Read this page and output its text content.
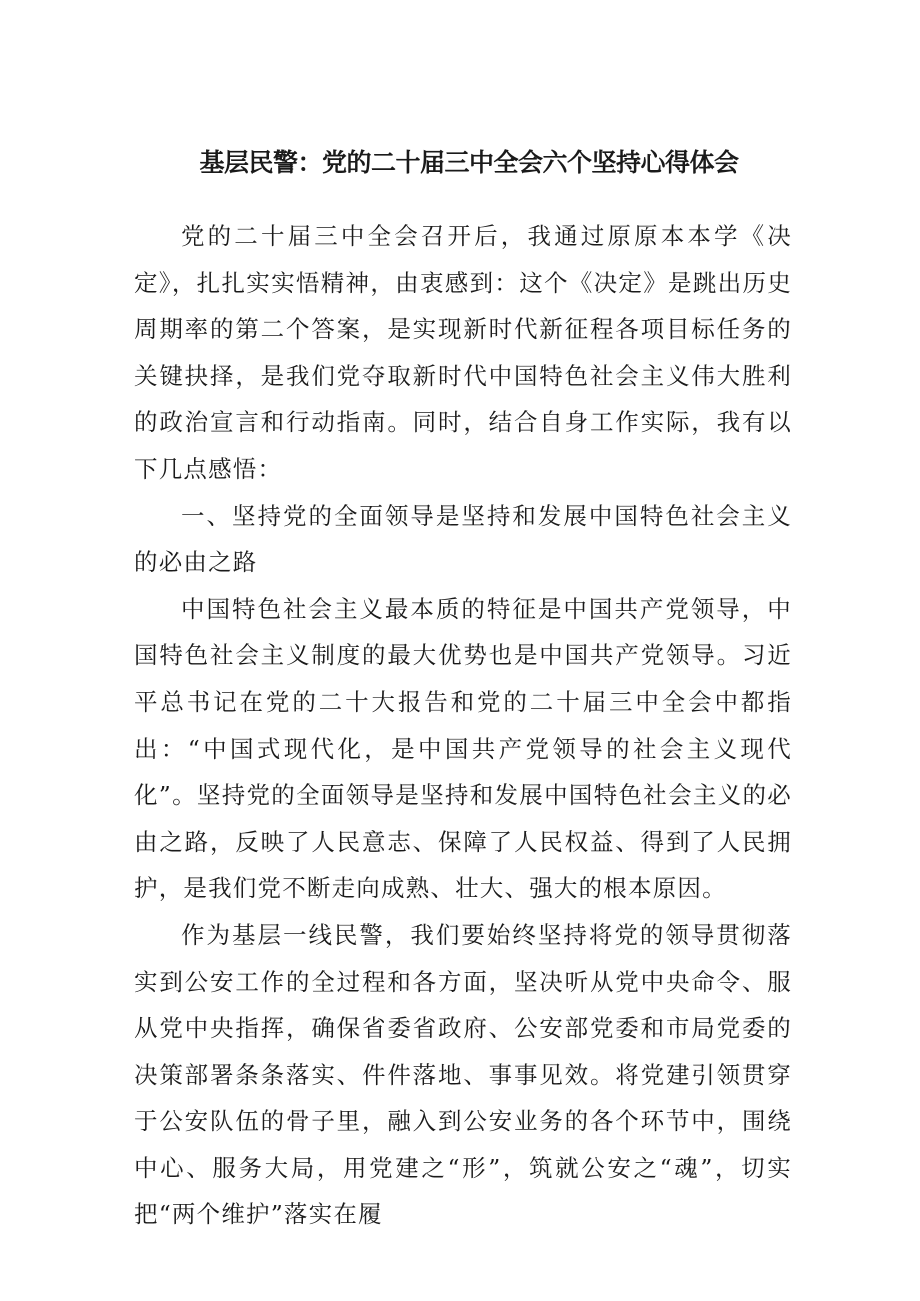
基层民警：党的二十届三中全会六个坚持心得体会

党的二十届三中全会召开后，我通过原原本本学《决定》，扎扎实实悟精神，由衷感到：这个《决定》是跳出历史周期率的第二个答案，是实现新时代新征程各项目标任务的关键抉择，是我们党夺取新时代中国特色社会主义伟大胜利的政治宣言和行动指南。同时，结合自身工作实际，我有以下几点感悟：

一、坚持党的全面领导是坚持和发展中国特色社会主义的必由之路

中国特色社会主义最本质的特征是中国共产党领导，中国特色社会主义制度的最大优势也是中国共产党领导。习近平总书记在党的二十大报告和党的二十届三中全会中都指出：“中国式现代化，是中国共产党领导的社会主义现代化”。坚持党的全面领导是坚持和发展中国特色社会主义的必由之路，反映了人民意志、保障了人民权益、得到了人民拥护，是我们党不断走向成熟、壮大、强大的根本原因。

作为基层一线民警，我们要始终坚持将党的领导贯彻落实到公安工作的全过程和各方面，坚决听从党中央命令、服从党中央指挥，确保省委省政府、公安部党委和市局党委的决策部署条条落实、件件落地、事事见效。将党建引领贯穿于公安队伍的骨子里，融入到公安业务的各个环节中，围绕中心、服务大局，用党建之“形”，筑就公安之“魂”，切实把“两个维护”落实在履
